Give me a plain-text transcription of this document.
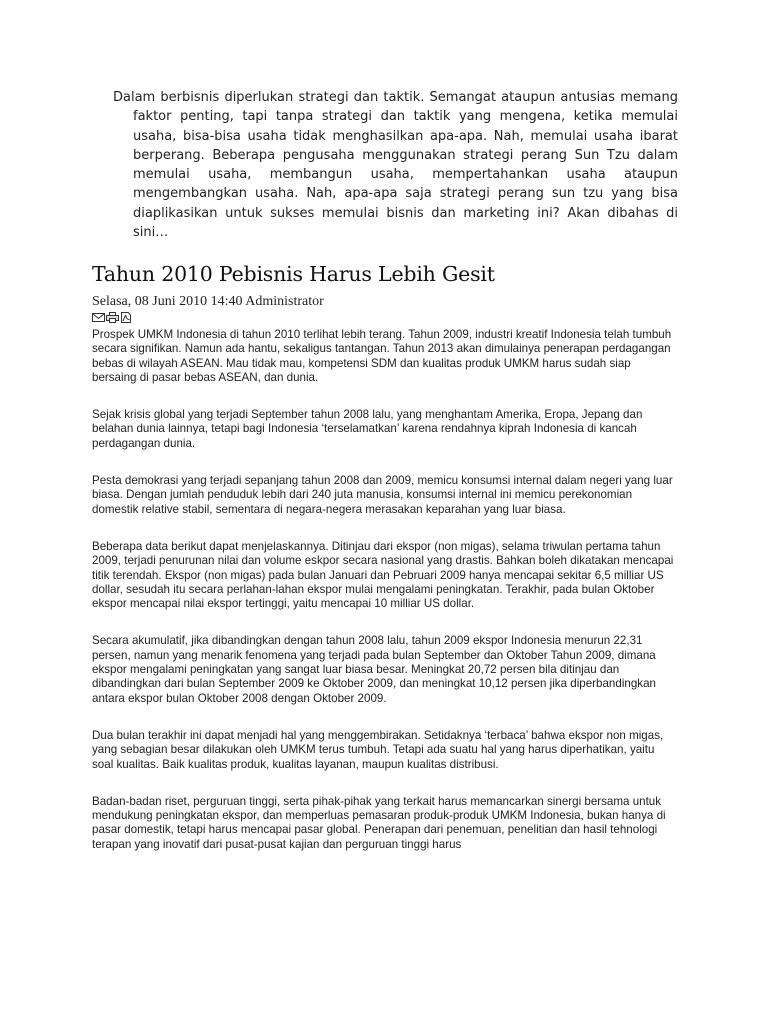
Dalam berbisnis diperlukan strategi dan taktik. Semangat ataupun antusias memang faktor penting, tapi tanpa strategi dan taktik yang mengena, ketika memulai usaha, bisa-bisa usaha tidak menghasilkan apa-apa. Nah, memulai usaha ibarat berperang. Beberapa pengusaha menggunakan strategi perang Sun Tzu dalam memulai usaha, membangun usaha, mempertahankan usaha ataupun mengembangkan usaha. Nah, apa-apa saja strategi perang sun tzu yang bisa diaplikasikan untuk sukses memulai bisnis dan marketing ini? Akan dibahas di sini…

Tahun 2010 Pebisnis Harus Lebih Gesit
Selasa, 08 Juni 2010 14:40 Administrator

Prospek UMKM Indonesia di tahun 2010 terlihat lebih terang. Tahun 2009, industri kreatif Indonesia telah tumbuh secara signifikan. Namun ada hantu, sekaligus tantangan. Tahun 2013 akan dimulainya penerapan perdagangan bebas di wilayah ASEAN. Mau tidak mau, kompetensi SDM dan kualitas produk UMKM harus sudah siap bersaing di pasar bebas ASEAN, dan dunia.

Sejak krisis global yang terjadi September tahun 2008 lalu, yang menghantam Amerika, Eropa, Jepang dan belahan dunia lainnya, tetapi bagi Indonesia ‘terselamatkan’ karena rendahnya kiprah Indonesia di kancah perdagangan dunia.

Pesta demokrasi yang terjadi sepanjang tahun 2008 dan 2009, memicu konsumsi internal dalam negeri yang luar biasa. Dengan jumlah penduduk lebih dari 240 juta manusia, konsumsi internal ini memicu perekonomian domestik relative stabil, sementara di negara-negera merasakan keparahan yang luar biasa.

Beberapa data berikut dapat menjelaskannya. Ditinjau dari ekspor (non migas), selama triwulan pertama tahun 2009, terjadi penurunan nilai dan volume eskpor secara nasional yang drastis. Bahkan boleh dikatakan mencapai titik terendah. Ekspor (non migas) pada bulan Januari dan Pebruari 2009 hanya mencapai sekitar 6,5 milliar US dollar, sesudah itu secara perlahan-lahan ekspor mulai mengalami peningkatan. Terakhir, pada bulan Oktober ekspor mencapai nilai ekspor tertinggi, yaitu mencapai 10 milliar US dollar.

Secara akumulatif, jika dibandingkan dengan tahun 2008 lalu, tahun 2009 ekspor Indonesia menurun 22,31 persen, namun yang menarik fenomena yang terjadi pada bulan September dan Oktober Tahun 2009, dimana ekspor mengalami peningkatan yang sangat luar biasa besar. Meningkat 20,72 persen bila ditinjau dan dibandingkan dari bulan September 2009 ke Oktober 2009, dan meningkat 10,12 persen jika diperbandingkan antara ekspor bulan Oktober 2008 dengan Oktober 2009.

Dua bulan terakhir ini dapat menjadi hal yang menggembirakan. Setidaknya ‘terbaca’ bahwa ekspor non migas, yang sebagian besar dilakukan oleh UMKM terus tumbuh. Tetapi ada suatu hal yang harus diperhatikan, yaitu soal kualitas. Baik kualitas produk, kualitas layanan, maupun kualitas distribusi.

Badan-badan riset, perguruan tinggi, serta pihak-pihak yang terkait harus memancarkan sinergi bersama untuk mendukung peningkatan ekspor, dan memperluas pemasaran produk-produk UMKM Indonesia, bukan hanya di pasar domestik, tetapi harus mencapai pasar global. Penerapan dari penemuan, penelitian dan hasil tehnologi terapan yang inovatif dari pusat-pusat kajian dan perguruan tinggi harus
